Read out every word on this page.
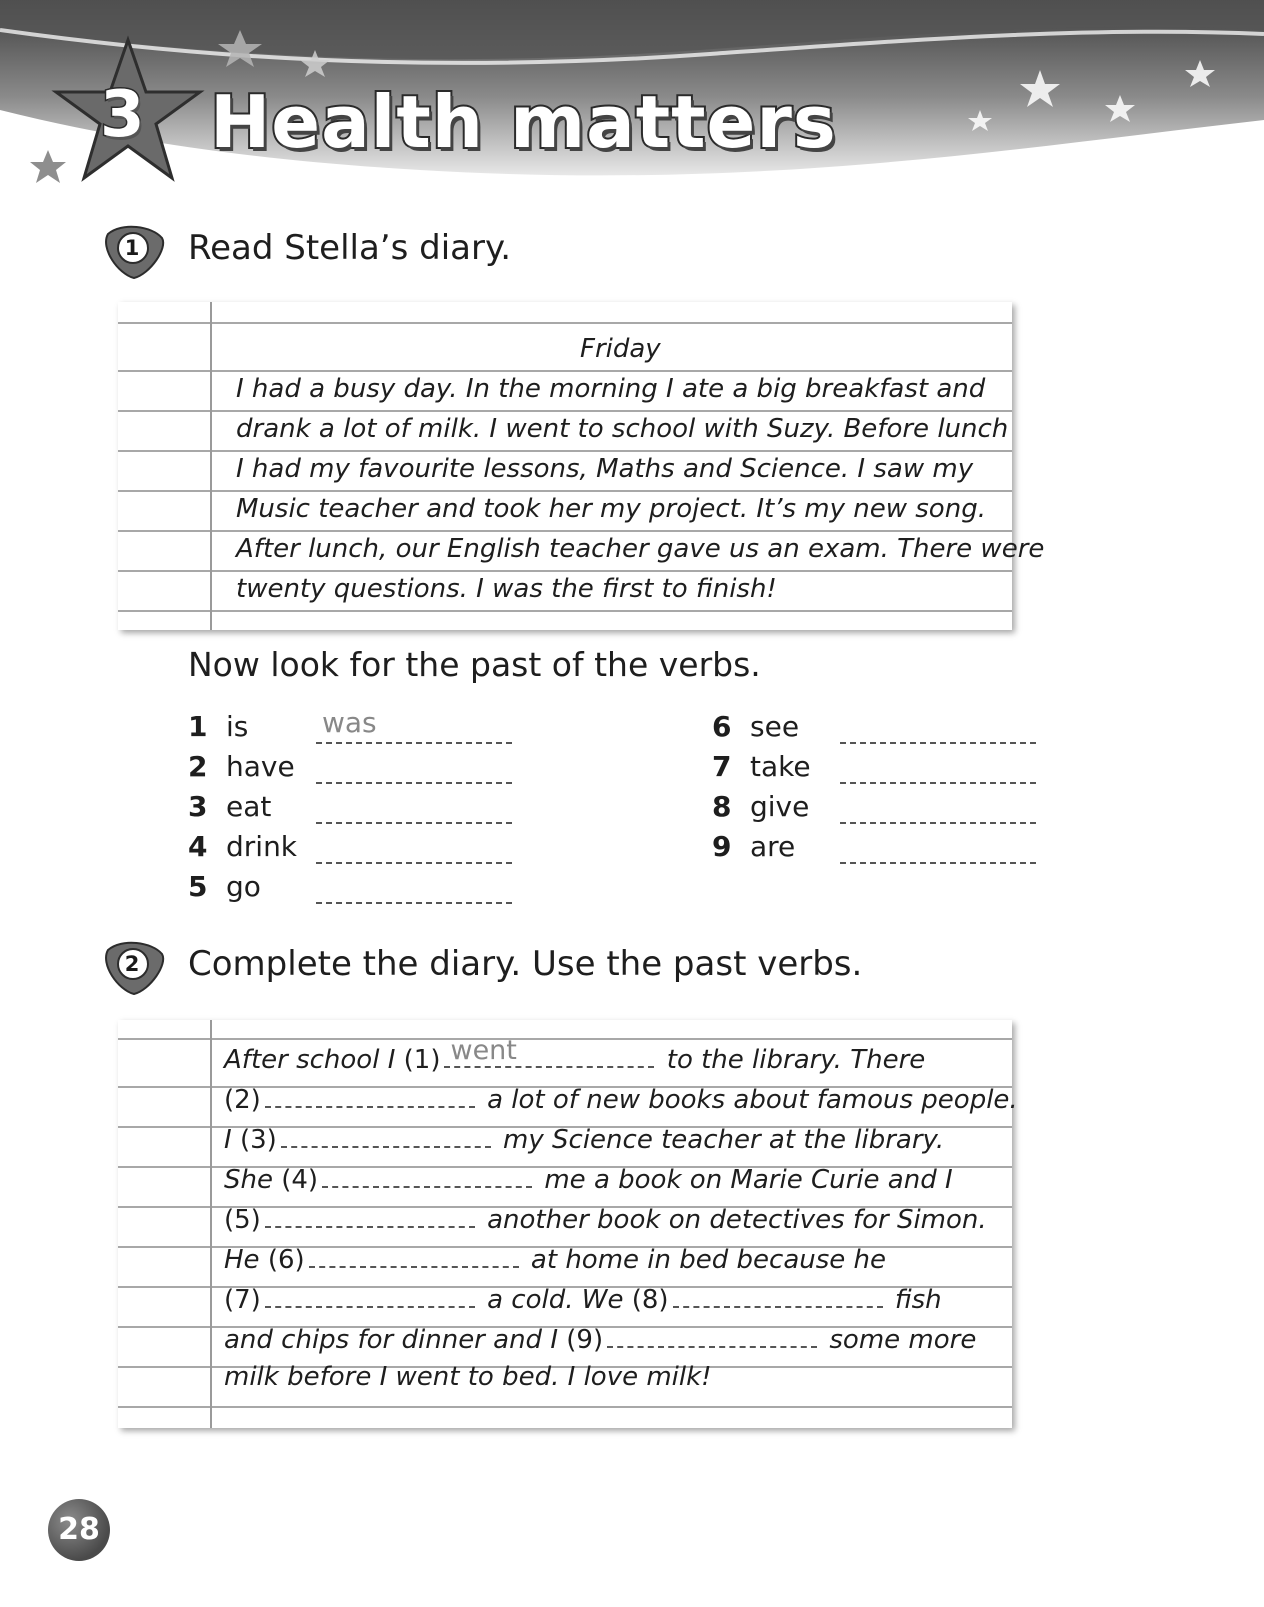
3 Health matters
1	Read Stella’s diary.
Friday
I had a busy day. In the morning I ate a big breakfast and
drank a lot of milk. I went to school with Suzy. Before lunch
I had my favourite lessons, Maths and Science. I saw my
Music teacher and took her my project. It’s my new song.
After lunch, our English teacher gave us an exam. There were
twenty questions. I was the first to finish!
Now look for the past of the verbs.
1 is	was
2 have
3 eat
4 drink
5 go
6 see
7 take
8 give
9 are
2	Complete the diary. Use the past verbs.
After school I (1) went	to the library. There
(2)	a lot of new books about famous people.
I (3)	my Science teacher at the library.
She (4)	me a book on Marie Curie and I
(5)	another book on detectives for Simon.
He (6)	at home in bed because he
(7)	a cold. We (8)	fish
and chips for dinner and I (9)	some more
milk before I went to bed. I love milk!
28
